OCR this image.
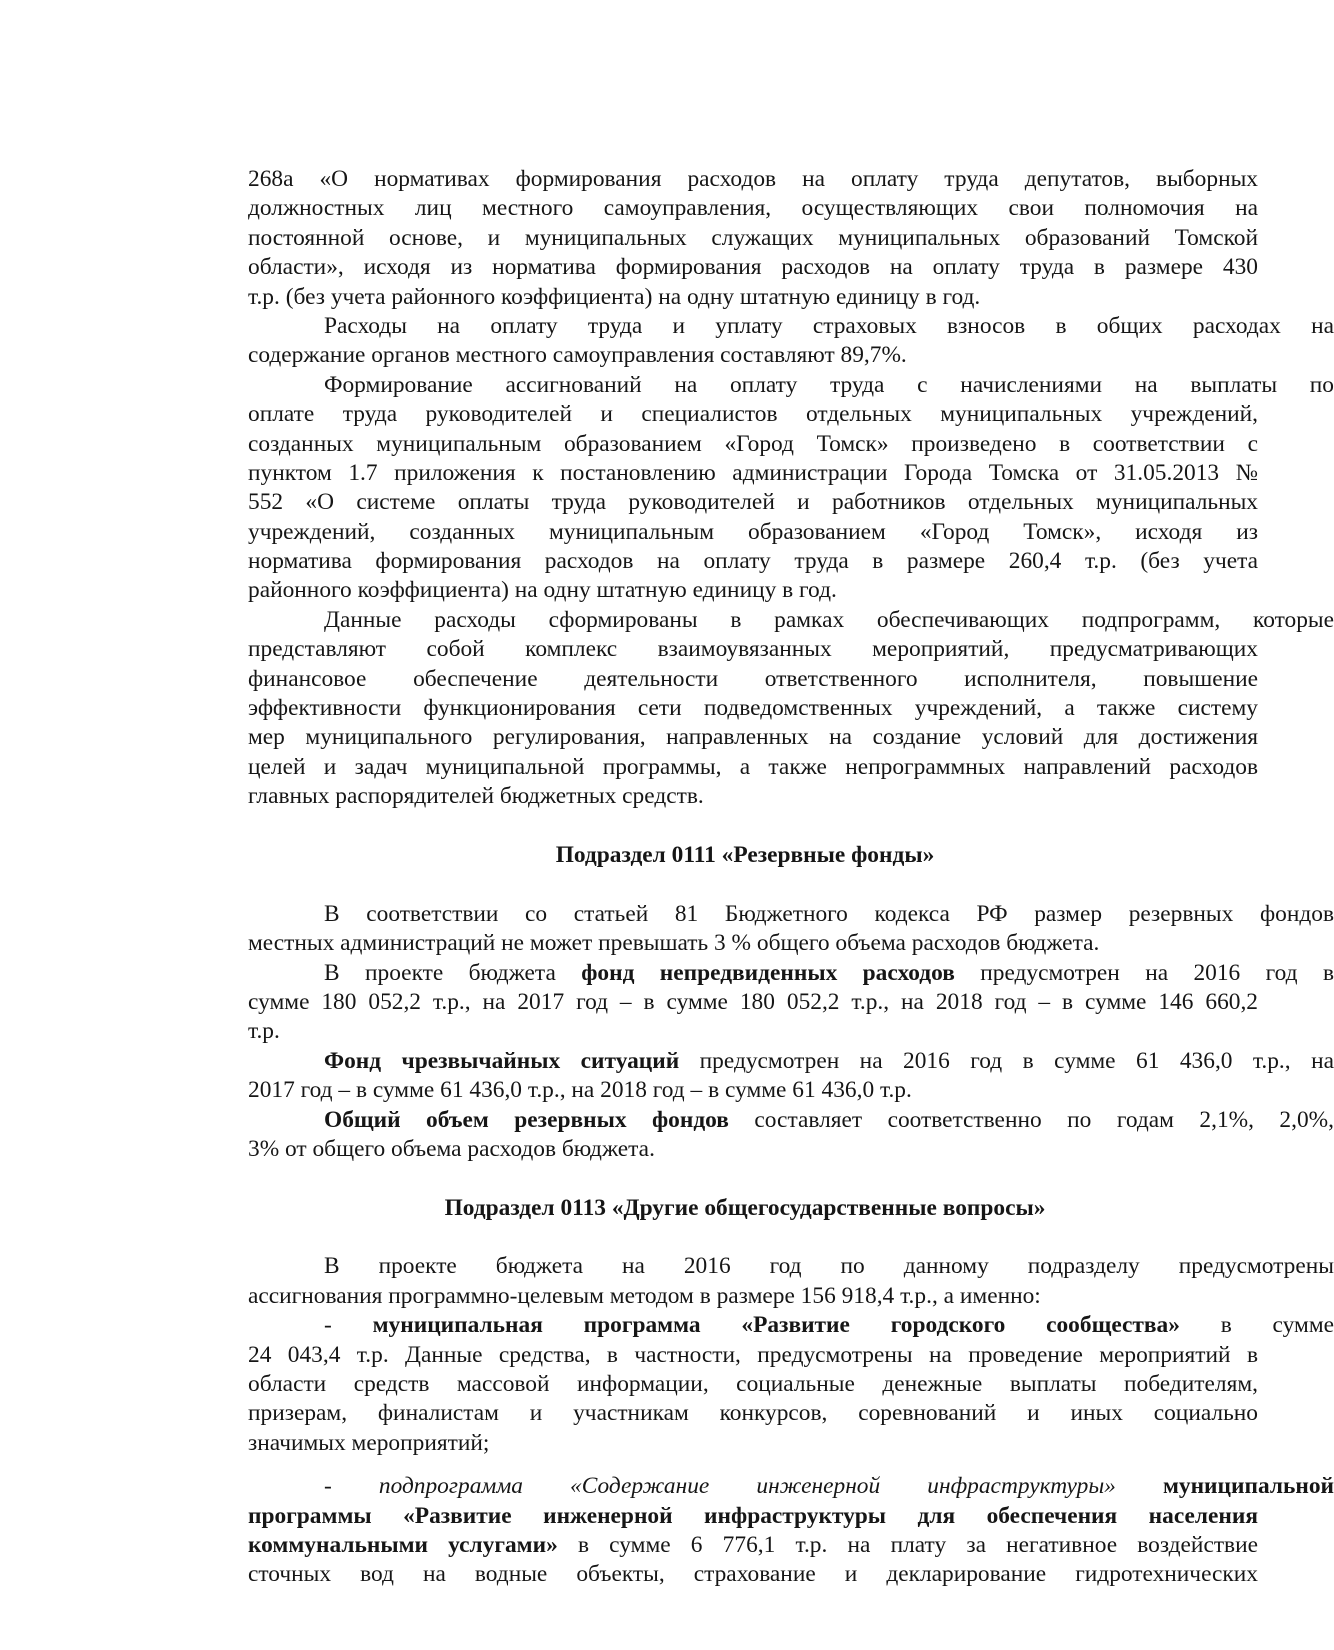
268а «О нормативах формирования расходов на оплату труда депутатов, выборных
должностных лиц местного самоуправления, осуществляющих свои полномочия на
постоянной основе, и муниципальных служащих муниципальных образований Томской
области», исходя из норматива формирования расходов на оплату труда в размере 430
т.р. (без учета районного коэффициента) на одну штатную единицу в год.
Расходы на оплату труда и уплату страховых взносов в общих расходах на
содержание органов местного самоуправления составляют 89,7%.
Формирование ассигнований на оплату труда с начислениями на выплаты по
оплате труда руководителей и специалистов отдельных муниципальных учреждений,
созданных муниципальным образованием «Город Томск» произведено в соответствии с
пунктом 1.7 приложения к постановлению администрации Города Томска от 31.05.2013 №
552 «О системе оплаты труда руководителей и работников отдельных муниципальных
учреждений, созданных муниципальным образованием «Город Томск», исходя из
норматива формирования расходов на оплату труда в размере 260,4 т.р. (без учета
районного коэффициента) на одну штатную единицу в год.
Данные расходы сформированы в рамках обеспечивающих подпрограмм, которые
представляют собой комплекс взаимоувязанных мероприятий, предусматривающих
финансовое обеспечение деятельности ответственного исполнителя, повышение
эффективности функционирования сети подведомственных учреждений, а также систему
мер муниципального регулирования, направленных на создание условий для достижения
целей и задач муниципальной программы, а также непрограммных направлений расходов
главных распорядителей бюджетных средств.
Подраздел 0111 «Резервные фонды»
В соответствии со статьей 81 Бюджетного кодекса РФ размер резервных фондов
местных администраций не может превышать 3 % общего объема расходов бюджета.
В проекте бюджета фонд непредвиденных расходов предусмотрен на 2016 год в
сумме 180 052,2 т.р., на 2017 год – в сумме 180 052,2 т.р., на 2018 год – в сумме 146 660,2
т.р.
Фонд чрезвычайных ситуаций предусмотрен на 2016 год в сумме 61 436,0 т.р., на
2017 год – в сумме 61 436,0 т.р., на 2018 год – в сумме 61 436,0 т.р.
Общий объем резервных фондов составляет соответственно по годам 2,1%, 2,0%,
3% от общего объема расходов бюджета.
Подраздел 0113 «Другие общегосударственные вопросы»
В проекте бюджета на 2016 год по данному подразделу предусмотрены
ассигнования программно-целевым методом в размере 156 918,4 т.р., а именно:
- муниципальная программа «Развитие городского сообщества» в сумме
24 043,4 т.р. Данные средства, в частности, предусмотрены на проведение мероприятий в
области средств массовой информации, социальные денежные выплаты победителям,
призерам, финалистам и участникам конкурсов, соревнований и иных социально
значимых мероприятий;
- подпрограмма «Содержание инженерной инфраструктуры» муниципальной
программы «Развитие инженерной инфраструктуры для обеспечения населения
коммунальными услугами» в сумме 6 776,1 т.р. на плату за негативное воздействие
сточных вод на водные объекты, страхование и декларирование гидротехнических
